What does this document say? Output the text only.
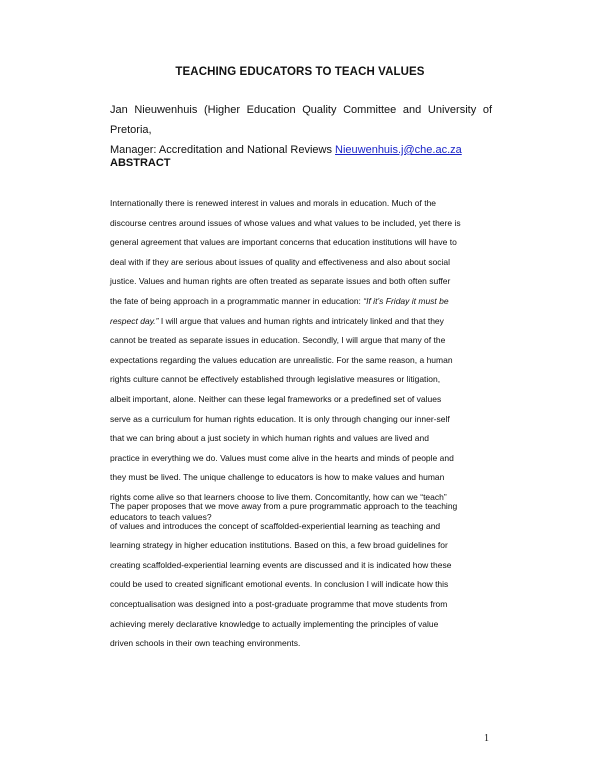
TEACHING EDUCATORS TO TEACH VALUES
Jan Nieuwenhuis (Higher Education Quality Committee and University of Pretoria,
Manager: Accreditation and National Reviews Nieuwenhuis.j@che.ac.za
ABSTRACT
Internationally there is renewed interest in values and morals in education. Much of the
discourse centres around issues of whose values and what values to be included, yet there is
general agreement that values are important concerns that education institutions will have to
deal with if they are serious about issues of quality and effectiveness and also about social
justice. Values and human rights are often treated as separate issues and both often suffer
the fate of being approach in a programmatic manner in education: “If it’s Friday it must be
respect day.” I will argue that values and human rights and intricately linked and that they
cannot be treated as separate issues in education. Secondly, I will argue that many of the
expectations regarding the values education are unrealistic. For the same reason, a human
rights culture cannot be effectively established through legislative measures or litigation,
albeit important, alone. Neither can these legal frameworks or a predefined set of values
serve as a curriculum for human rights education. It is only through changing our inner-self
that we can bring about a just society in which human rights and values are lived and
practice in everything we do. Values must come alive in the hearts and minds of people and
they must be lived. The unique challenge to educators is how to make values and human
rights come alive so that learners choose to live them. Concomitantly, how can we “teach”
educators to teach values?
The paper proposes that we move away from a pure programmatic approach to the teaching
of values and introduces the concept of scaffolded-experiential learning as teaching and
learning strategy in higher education institutions. Based on this, a few broad guidelines for
creating scaffolded-experiential learning events are discussed and it is indicated how these
could be used to created significant emotional events. In conclusion I will indicate how this
conceptualisation was designed into a post-graduate programme that move students from
achieving merely declarative knowledge to actually implementing the principles of value
driven schools in their own teaching environments.
1
